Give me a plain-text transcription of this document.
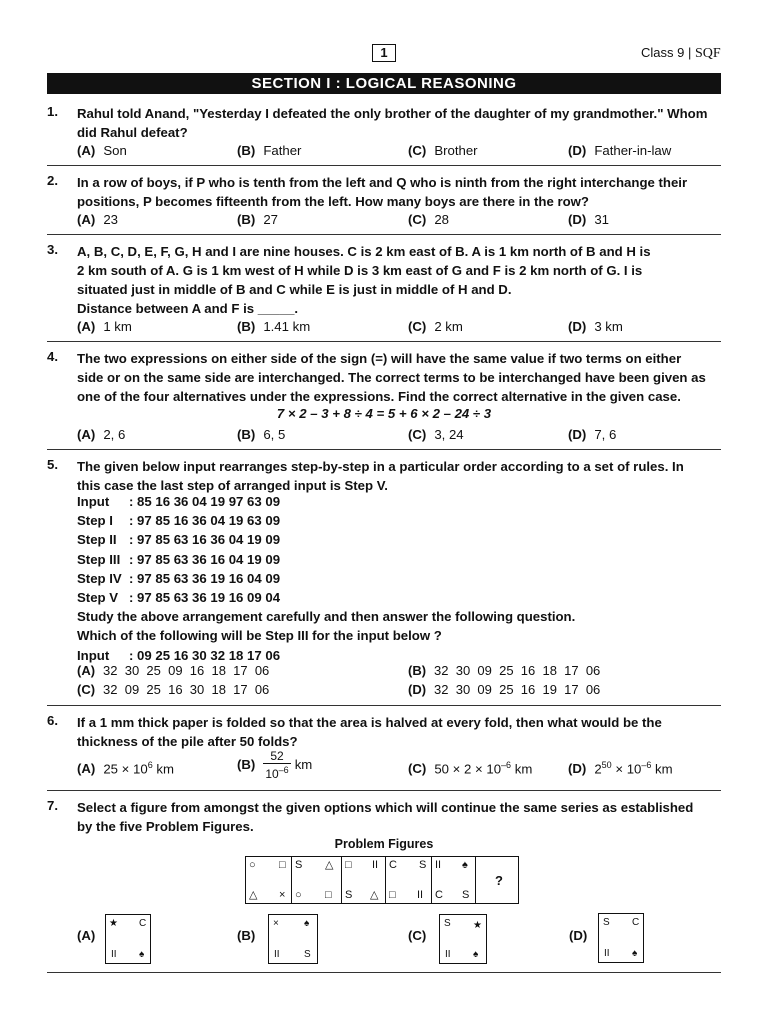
1	Class 9 | SQF
SECTION I : LOGICAL REASONING
1. Rahul told Anand, "Yesterday I defeated the only brother of the daughter of my grandmother." Whom
did Rahul defeat?
(A) Son	(B) Father	(C) Brother	(D) Father-in-law
2. In a row of boys, if P who is tenth from the left and Q who is ninth from the right interchange their
positions, P becomes fifteenth from the left. How many boys are there in the row?
(A) 23	(B) 27	(C) 28	(D) 31
3. A, B, C, D, E, F, G, H and I are nine houses. C is 2 km east of B. A is 1 km north of B and H is
2 km south of A. G is 1 km west of H while D is 3 km east of G and F is 2 km north of G. I is
situated just in middle of B and C while E is just in middle of H and D.
Distance between A and F is _____.
(A) 1 km	(B) 1.41 km	(C) 2 km	(D) 3 km
4. The two expressions on either side of the sign (=) will have the same value if two terms on either
side or on the same side are interchanged. The correct terms to be interchanged have been given as
one of the four alternatives under the expressions. Find the correct alternative in the given case.
7 × 2 – 3 + 8 ÷ 4 = 5 + 6 × 2 – 24 ÷ 3
(A) 2, 6	(B) 6, 5	(C) 3, 24	(D) 7, 6
5. The given below input rearranges step-by-step in a particular order according to a set of rules. In
this case the last step of arranged input is Step V.
Input : 85 16 36 04 19 97 63 09
Step I : 97 85 16 36 04 19 63 09
Step II : 97 85 63 16 36 04 19 09
Step III : 97 85 63 36 16 04 19 09
Step IV : 97 85 63 36 19 16 04 09
Step V : 97 85 63 36 19 16 09 04
Study the above arrangement carefully and then answer the following question.
Which of the following will be Step III for the input below ?
Input : 09 25 16 30 32 18 17 06
(A) 32  30  25  09  16  18  17  06	(B) 32  30  09  25  16  18  17  06
(C) 32  09  25  16  30  18  17  06	(D) 32  30  09  25  16  19  17  06
6. If a 1 mm thick paper is folded so that the area is halved at every fold, then what would be the
thickness of the pile after 50 folds?
(A) $25 \times 10^6$ km	$(B) \frac{52}{10^{-6}}$ km	(C) $50 \times 2 \times 10^{-6}$ km	(D) $2^{50} \times 10^{-6}$ km
7. Select a figure from amongst the given options which will continue the same series as established
by the five Problem Figures.
Problem Figures
○ □
△ ×
S △
○ □
□ II
S △
C S
□ II
II ♠
C S
?
(A)
★ C
II ♠
(B)
×	♠
II S
(C)
S ★
II ♠
(D)
S C
II ♠
